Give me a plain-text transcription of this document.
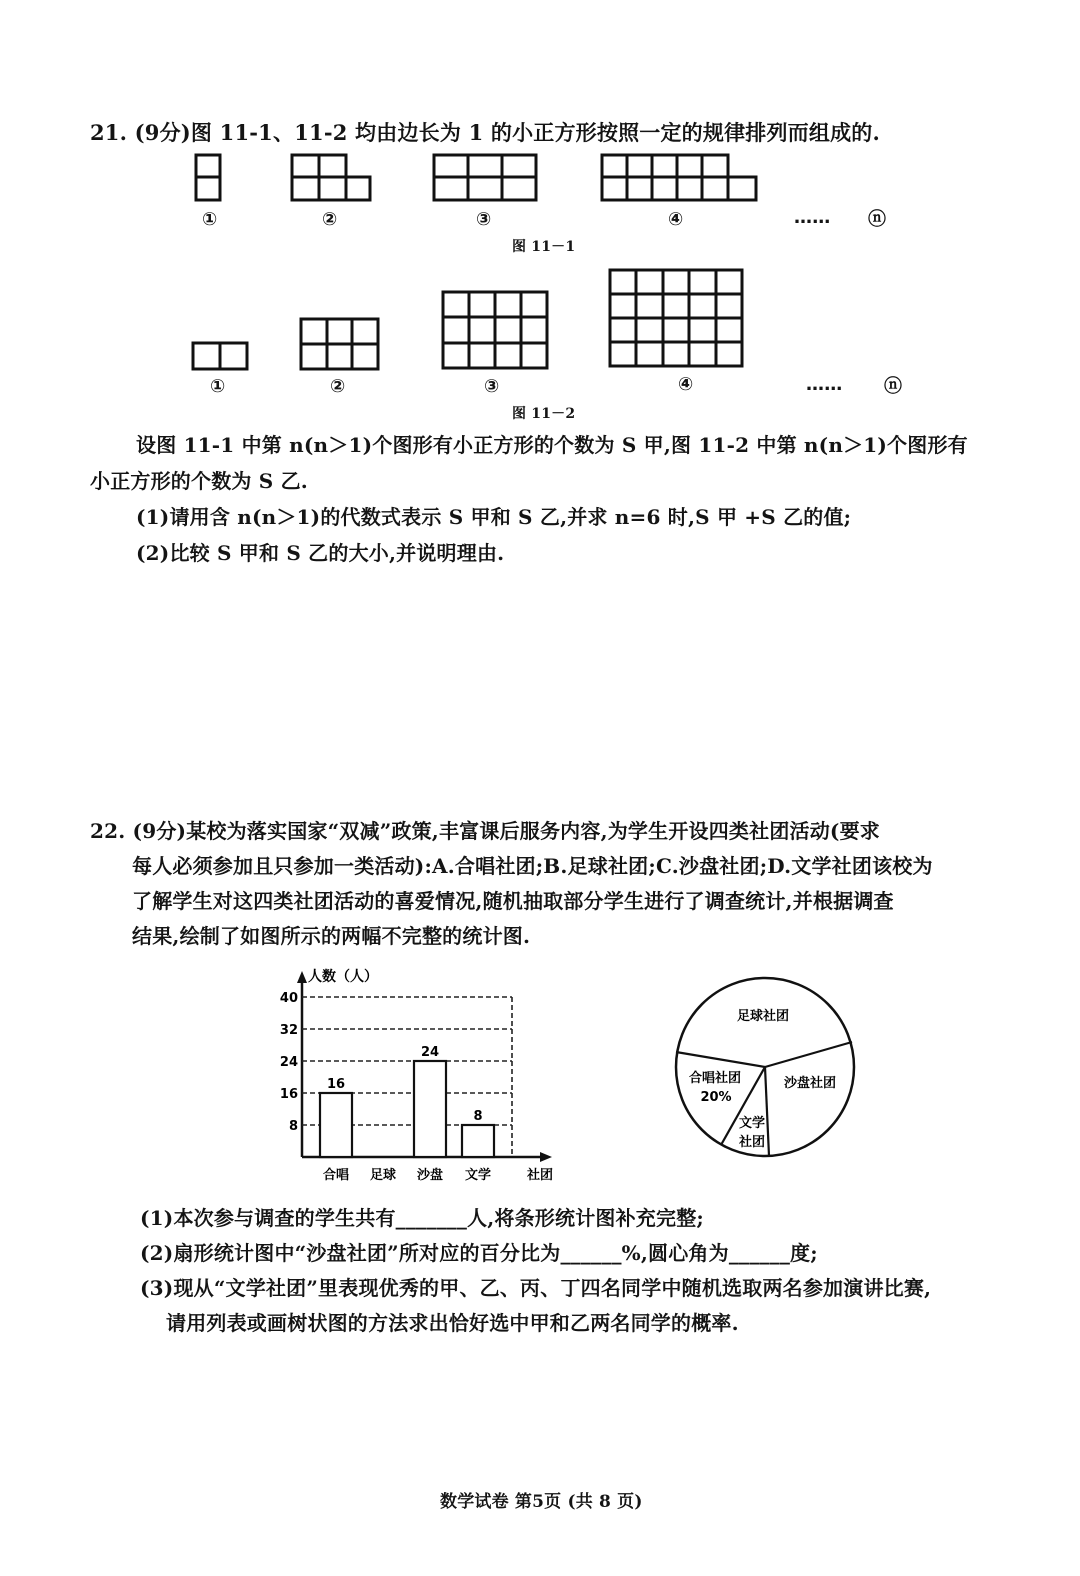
21. (9分)图 11-1、11-2 均由边长为 1 的小正方形按照一定的规律排列而组成的.
①	②	③	④	…… ⓝ
图 11－1
①	②	③	④	…… ⓝ
图 11－2
设图 11-1 中第 n(n＞1)个图形有小正方形的个数为 S 甲,图 11-2 中第 n(n＞1)个图形有
小正方形的个数为 S 乙.
(1)请用含 n(n＞1)的代数式表示 S 甲和 S 乙,并求 n=6 时,S 甲 +S 乙的值;
(2)比较 S 甲和 S 乙的大小,并说明理由.
22. (9分)某校为落实国家“双减”政策,丰富课后服务内容,为学生开设四类社团活动(要求
每人必须参加且只参加一类活动):A.合唱社团;B.足球社团;C.沙盘社团;D.文学社团该校为
了解学生对这四类社团活动的喜爱情况,随机抽取部分学生进行了调查统计,并根据调查
结果,绘制了如图所示的两幅不完整的统计图.
人数（人）
8
16
24
32
40
16
合唱 足球
24
沙盘
8
文学	社团
足球社团
沙盘社团
文学
社团
合唱社团
20%
(1)本次参与调查的学生共有_______人,将条形统计图补充完整;
(2)扇形统计图中“沙盘社团”所对应的百分比为______%,圆心角为______度;
(3)现从“文学社团”里表现优秀的甲、乙、丙、丁四名同学中随机选取两名参加演讲比赛,
请用列表或画树状图的方法求出恰好选中甲和乙两名同学的概率.
数学试卷 第5页 (共 8 页)
